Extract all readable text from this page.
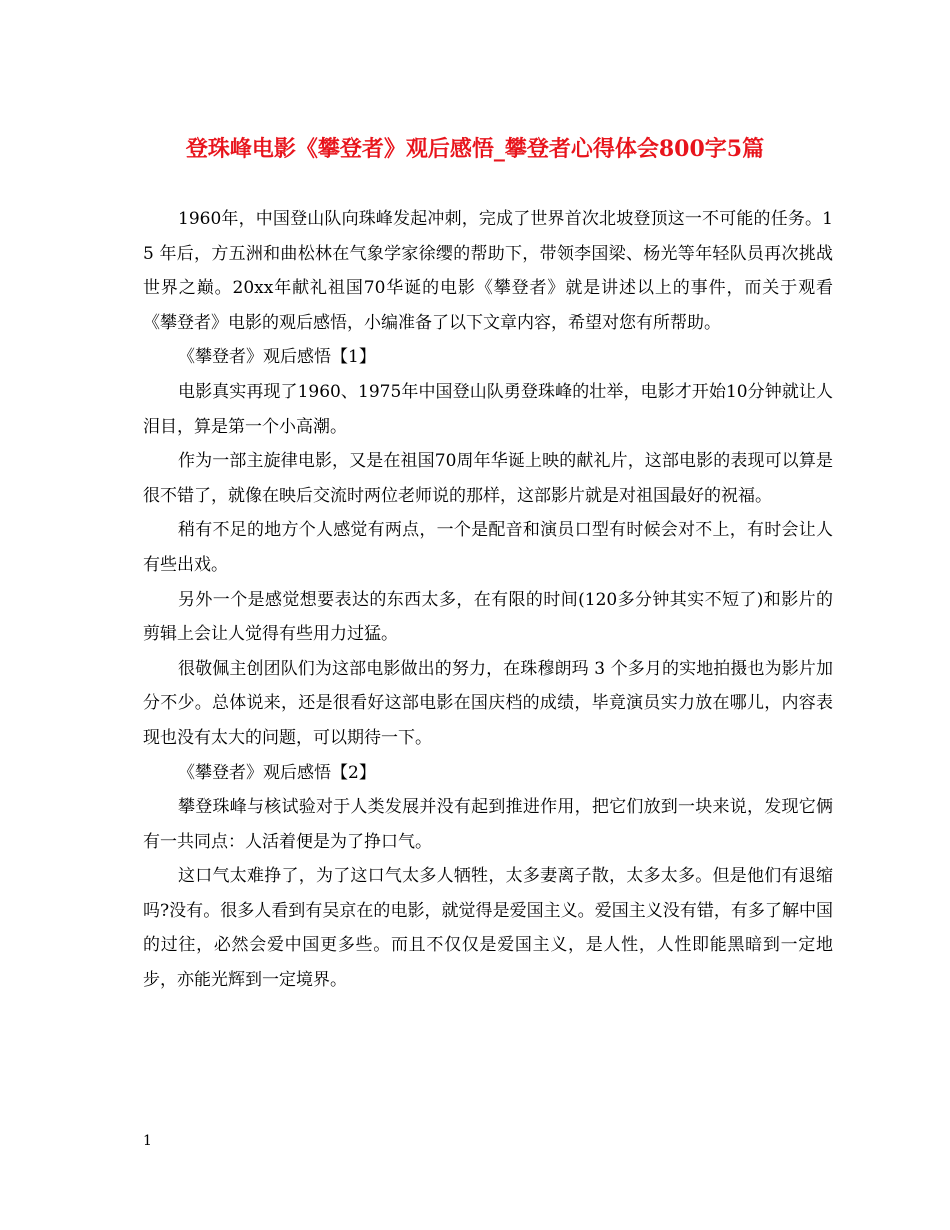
登珠峰电影《攀登者》观后感悟_攀登者心得体会800字5篇

1960年，中国登山队向珠峰发起冲刺，完成了世界首次北坡登顶这一不可能的任务。15 年后，方五洲和曲松林在气象学家徐缨的帮助下，带领李国梁、杨光等年轻队员再次挑战世界之巅。20xx年献礼祖国70华诞的电影《攀登者》就是讲述以上的事件，而关于观看《攀登者》电影的观后感悟，小编准备了以下文章内容，希望对您有所帮助。

《攀登者》观后感悟【1】

电影真实再现了1960、1975年中国登山队勇登珠峰的壮举，电影才开始10分钟就让人泪目，算是第一个小高潮。

作为一部主旋律电影，又是在祖国70周年华诞上映的献礼片，这部电影的表现可以算是很不错了，就像在映后交流时两位老师说的那样，这部影片就是对祖国最好的祝福。

稍有不足的地方个人感觉有两点，一个是配音和演员口型有时候会对不上，有时会让人有些出戏。

另外一个是感觉想要表达的东西太多，在有限的时间(120多分钟其实不短了)和影片的剪辑上会让人觉得有些用力过猛。

很敬佩主创团队们为这部电影做出的努力，在珠穆朗玛 3 个多月的实地拍摄也为影片加分不少。总体说来，还是很看好这部电影在国庆档的成绩，毕竟演员实力放在哪儿，内容表现也没有太大的问题，可以期待一下。

《攀登者》观后感悟【2】

攀登珠峰与核试验对于人类发展并没有起到推进作用，把它们放到一块来说，发现它俩有一共同点：人活着便是为了挣口气。

这口气太难挣了，为了这口气太多人牺牲，太多妻离子散，太多太多。但是他们有退缩吗?没有。很多人看到有吴京在的电影，就觉得是爱国主义。爱国主义没有错，有多了解中国的过往，必然会爱中国更多些。而且不仅仅是爱国主义，是人性，人性即能黑暗到一定地步，亦能光辉到一定境界。

1
